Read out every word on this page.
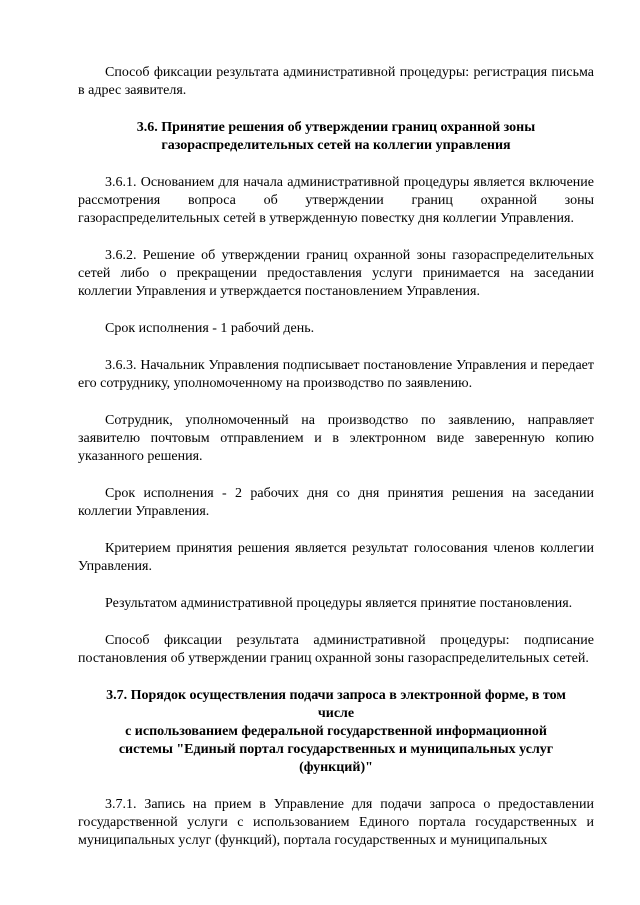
Способ фиксации результата административной процедуры: регистрация письма в адрес заявителя.

3.6. Принятие решения об утверждении границ охранной зоны
газораспределительных сетей на коллегии управления

3.6.1. Основанием для начала административной процедуры является включение рассмотрения вопроса об утверждении границ охранной зоны газораспределительных сетей в утвержденную повестку дня коллегии Управления.

3.6.2. Решение об утверждении границ охранной зоны газораспределительных сетей либо о прекращении предоставления услуги принимается на заседании коллегии Управления и утверждается постановлением Управления.

Срок исполнения - 1 рабочий день.

3.6.3. Начальник Управления подписывает постановление Управления и передает его сотруднику, уполномоченному на производство по заявлению.

Сотрудник, уполномоченный на производство по заявлению, направляет заявителю почтовым отправлением и в электронном виде заверенную копию указанного решения.

Срок исполнения - 2 рабочих дня со дня принятия решения на заседании коллегии Управления.

Критерием принятия решения является результат голосования членов коллегии Управления.

Результатом административной процедуры является принятие постановления.

Способ фиксации результата административной процедуры: подписание постановления об утверждении границ охранной зоны газораспределительных сетей.

3.7. Порядок осуществления подачи запроса в электронной форме, в том
числе
с использованием федеральной государственной информационной
системы "Единый портал государственных и муниципальных услуг
(функций)"

3.7.1. Запись на прием в Управление для подачи запроса о предоставлении государственной услуги с использованием Единого портала государственных и муниципальных услуг (функций), портала государственных и муниципальных
